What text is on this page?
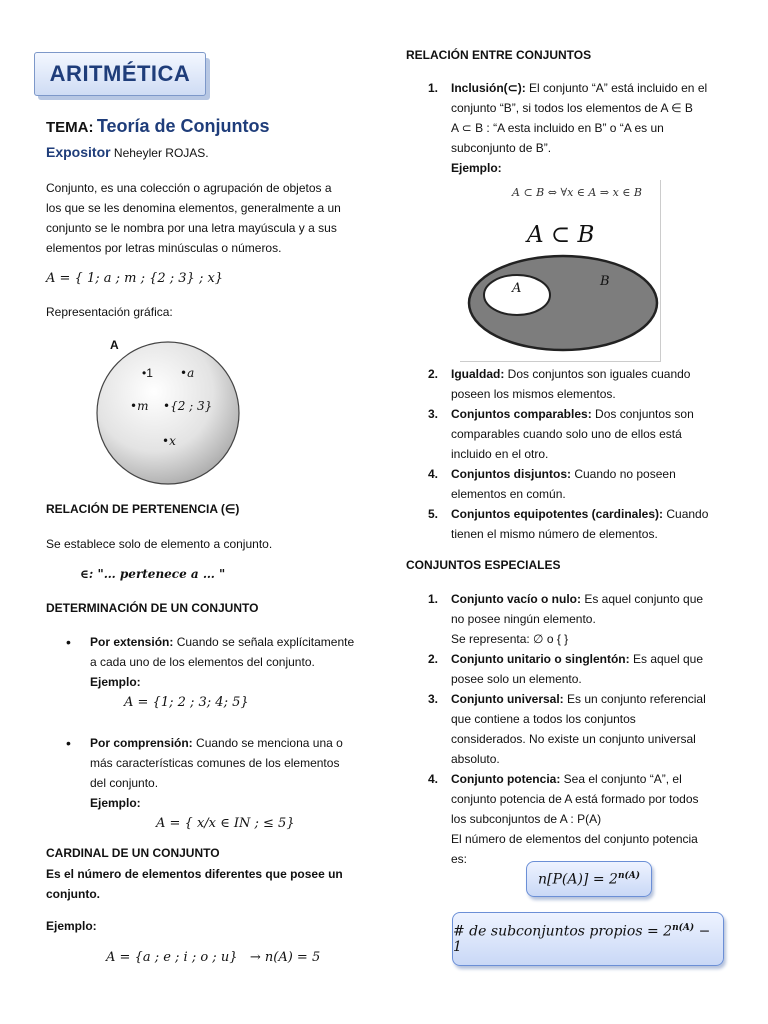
ARITMÉTICA
TEMA: Teoría de Conjuntos
Expositor Neheyler ROJAS.
Conjunto, es una colección o agrupación de objetos a
los que se les denomina elementos, generalmente a un
conjunto se le nombra por una letra mayúscula y a sus
elementos por letras minúsculas o números.
A = { 1; a ; m ; {2 ; 3} ; x}
Representación gráfica:
A
•1 •a
•m •{2 ; 3}
•x
RELACIÓN DE PERTENENCIA (∈)
Se establece solo de elemento a conjunto.
∈: "… pertenece a … "
DETERMINACIÓN DE UN CONJUNTO
• Por extensión: Cuando se señala explícitamente
a cada uno de los elementos del conjunto.
Ejemplo:
A = {1; 2 ; 3; 4; 5}
• Por comprensión: Cuando se menciona una o
más características comunes de los elementos
del conjunto.
Ejemplo:
A = { x/x ∈ IN ; ≤ 5}
CARDINAL DE UN CONJUNTO
Es el número de elementos diferentes que posee un
conjunto.
Ejemplo:
A = {a ; e ; i ; o ; u}   → n(A) = 5
RELACIÓN ENTRE CONJUNTOS
1. Inclusión(⊂): El conjunto “A” está incluido en el
conjunto “B”, si todos los elementos de A ∈ B
A ⊂ B : “A esta incluido en B” o “A es un
subconjunto de B”.
Ejemplo:
A ⊂ B ⇔ ∀x ∈ A ⇒ x ∈ B
A ⊂ B
A	B
2. Igualdad: Dos conjuntos son iguales cuando
poseen los mismos elementos.
3. Conjuntos comparables: Dos conjuntos son
comparables cuando solo uno de ellos está
incluido en el otro.
4. Conjuntos disjuntos: Cuando no poseen
elementos en común.
5. Conjuntos equipotentes (cardinales): Cuando
tienen el mismo número de elementos.
CONJUNTOS ESPECIALES
1. Conjunto vacío o nulo: Es aquel conjunto que
no posee ningún elemento.
Se representa: ∅ o { }
2. Conjunto unitario o singlentón: Es aquel que
posee solo un elemento.
3. Conjunto universal: Es un conjunto referencial
que contiene a todos los conjuntos
considerados. No existe un conjunto universal
absoluto.
4. Conjunto potencia: Sea el conjunto “A”, el
conjunto potencia de A está formado por todos
los subconjuntos de A : P(A)
El número de elementos del conjunto potencia
es:
$n[P(A)] = 2^{n(A)}$
# de subconjuntos propios = $2^{n(A)} - 1$
